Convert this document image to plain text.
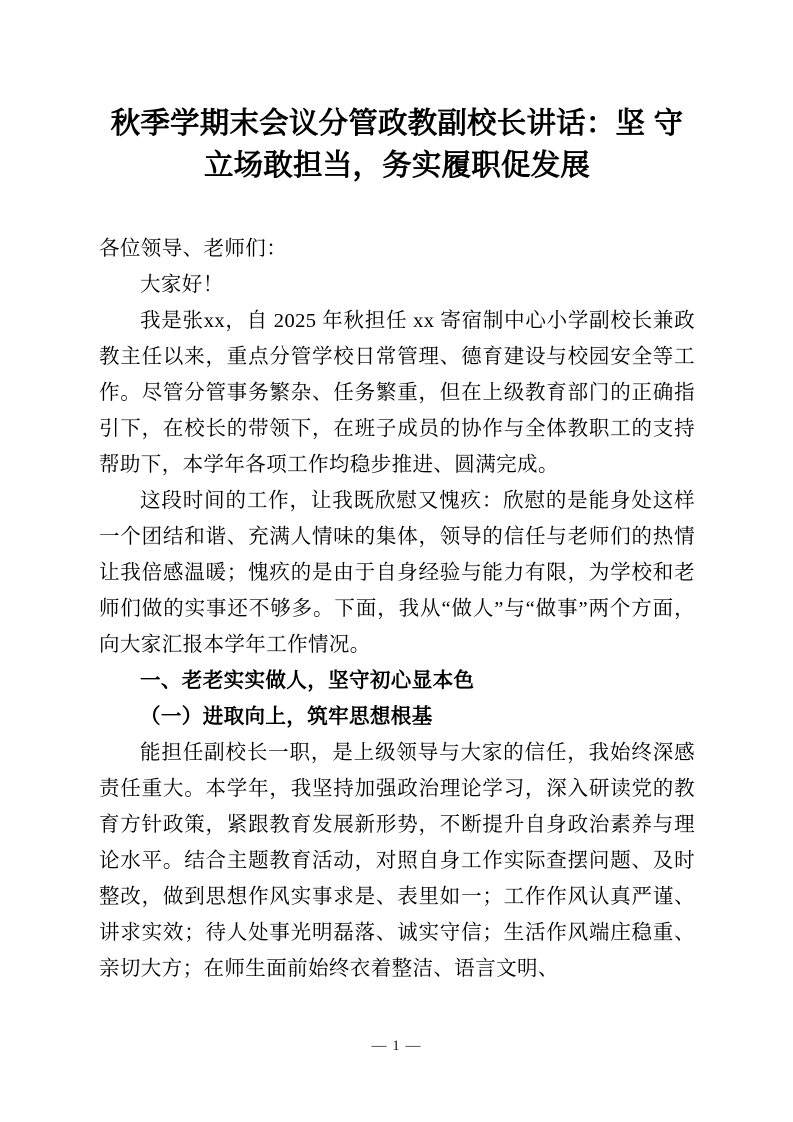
秋季学期末会议分管政教副校长讲话：坚 守立场敢担当，务实履职促发展

各位领导、老师们：

大家好！

我是张xx，自 2025 年秋担任 xx 寄宿制中心小学副校长兼政教主任以来，重点分管学校日常管理、德育建设与校园安全等工作。尽管分管事务繁杂、任务繁重，但在上级教育部门的正确指引下，在校长的带领下，在班子成员的协作与全体教职工的支持帮助下，本学年各项工作均稳步推进、圆满完成。

这段时间的工作，让我既欣慰又愧疚：欣慰的是能身处这样一个团结和谐、充满人情味的集体，领导的信任与老师们的热情让我倍感温暖；愧疚的是由于自身经验与能力有限，为学校和老师们做的实事还不够多。下面，我从“做人”与“做事”两个方面，向大家汇报本学年工作情况。

一、老老实实做人，坚守初心显本色
（一）进取向上，筑牢思想根基

能担任副校长一职，是上级领导与大家的信任，我始终深感责任重大。本学年，我坚持加强政治理论学习，深入研读党的教育方针政策，紧跟教育发展新形势，不断提升自身政治素养与理论水平。结合主题教育活动，对照自身工作实际查摆问题、及时整改，做到思想作风实事求是、表里如一；工作作风认真严谨、讲求实效；待人处事光明磊落、诚实守信；生活作风端庄稳重、亲切大方；在师生面前始终衣着整洁、语言文明、

— 1 —
